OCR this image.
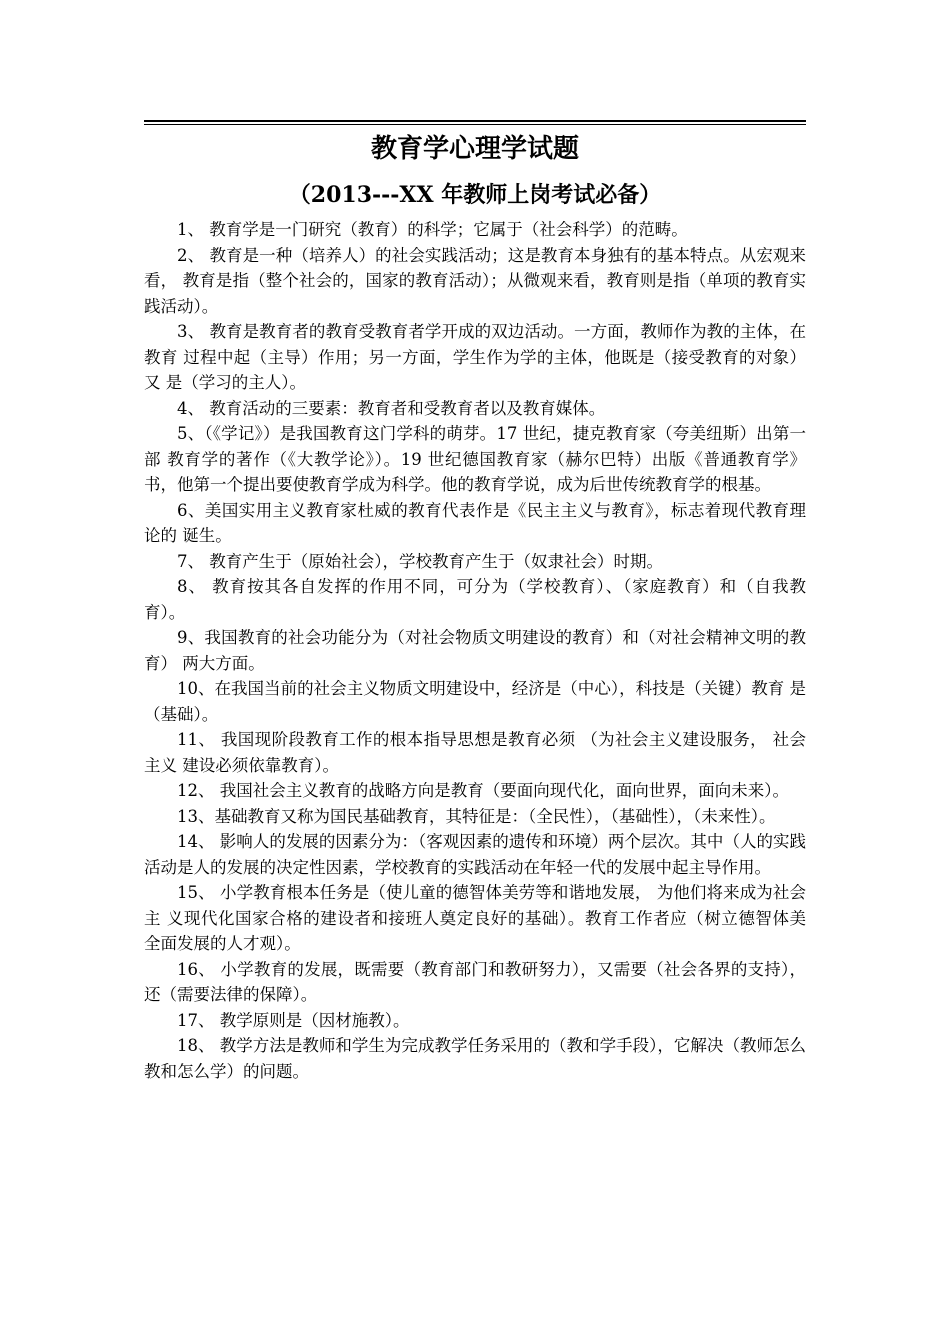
教育学心理学试题
（2013---XX 年教师上岗考试必备）

1、 教育学是一门研究（教育）的科学；它属于（社会科学）的范畴。

2、 教育是一种（培养人）的社会实践活动；这是教育本身独有的基本特点。从宏观来看， 教育是指（整个社会的，国家的教育活动）；从微观来看，教育则是指（单项的教育实 践活动）。

3、 教育是教育者的教育受教育者学开成的双边活动。一方面，教师作为教的主体，在教育 过程中起（主导）作用；另一方面，学生作为学的主体，他既是（接受教育的对象） 又 是（学习的主人）。

4、 教育活动的三要素：教育者和受教育者以及教育媒体。

5、（《学记》）是我国教育这门学科的萌芽。17 世纪，捷克教育家（夸美纽斯）出第一部 教育学的著作（《大教学论》）。19 世纪德国教育家（赫尔巴特）出版《普通教育学》 书，他第一个提出要使教育学成为科学。他的教育学说，成为后世传统教育学的根基。

6、美国实用主义教育家杜威的教育代表作是《民主主义与教育》，标志着现代教育理论的 诞生。

7、 教育产生于（原始社会），学校教育产生于（奴隶社会）时期。

8、 教育按其各自发挥的作用不同，可分为（学校教育）、（家庭教育）和（自我教育）。

9、我国教育的社会功能分为（对社会物质文明建设的教育）和（对社会精神文明的教育） 两大方面。

10、在我国当前的社会主义物质文明建设中，经济是（中心），科技是（关键）教育 是（基础）。

11、 我国现阶段教育工作的根本指导思想是教育必须 （为社会主义建设服务， 社会主义 建设必须依靠教育）。

12、 我国社会主义教育的战略方向是教育（要面向现代化，面向世界，面向未来）。

13、基础教育又称为国民基础教育，其特征是：（全民性），（基础性），（未来性）。

14、 影响人的发展的因素分为：（客观因素的遗传和环境）两个层次。其中（人的实践 活动是人的发展的决定性因素，学校教育的实践活动在年轻一代的发展中起主导作用。

15、 小学教育根本任务是（使儿童的德智体美劳等和谐地发展， 为他们将来成为社会主 义现代化国家合格的建设者和接班人奠定良好的基础）。教育工作者应（树立德智体美 全面发展的人才观）。

16、 小学教育的发展，既需要（教育部门和教研努力），又需要（社会各界的支持）， 还（需要法律的保障）。

17、 教学原则是（因材施教）。

18、 教学方法是教师和学生为完成教学任务采用的（教和学手段），它解决（教师怎么 教和怎么学）的问题。
